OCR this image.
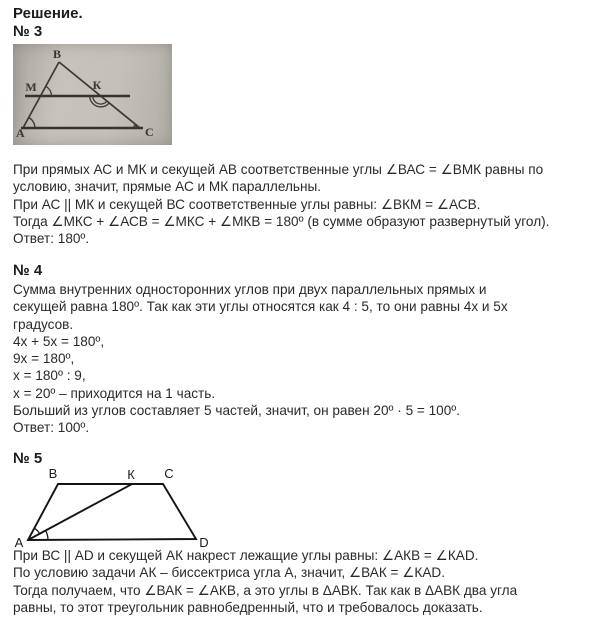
Решение.
№ 3
В
М	К
А	С
При прямых АС и МК и секущей АВ соответственные углы ∠ВАС = ∠ВМК равны по
условию, значит, прямые АС и МК параллельны.
При АС || МК и секущей ВС соответственные углы равны: ∠ВКМ = ∠АСВ.
Тогда ∠МКС + ∠АСВ = ∠МКС + ∠МКВ = 180º (в сумме образуют развернутый угол).
Ответ: 180º.
№ 4
Сумма внутренних односторонних углов при двух параллельных прямых и
секущей равна 180º. Так как эти углы относятся как 4 : 5, то они равны 4x и 5x
градусов.
4x + 5x = 180º,
9x = 180º,
x = 180º : 9,
x = 20º – приходится на 1 часть.
Больший из углов составляет 5 частей, значит, он равен 20º · 5 = 100º.
Ответ: 100º.
№ 5
В	К С
А	D
При ВС || АD и секущей АК накрест лежащие углы равны: ∠АКВ = ∠КАD.
По условию задачи АК – биссектриса угла А, значит, ∠ВАК = ∠КАD.
Тогда получаем, что ∠ВАК = ∠АКВ, а это углы в ΔАВК. Так как в ΔАВК два угла
равны, то этот треугольник равнобедренный, что и требовалось доказать.
